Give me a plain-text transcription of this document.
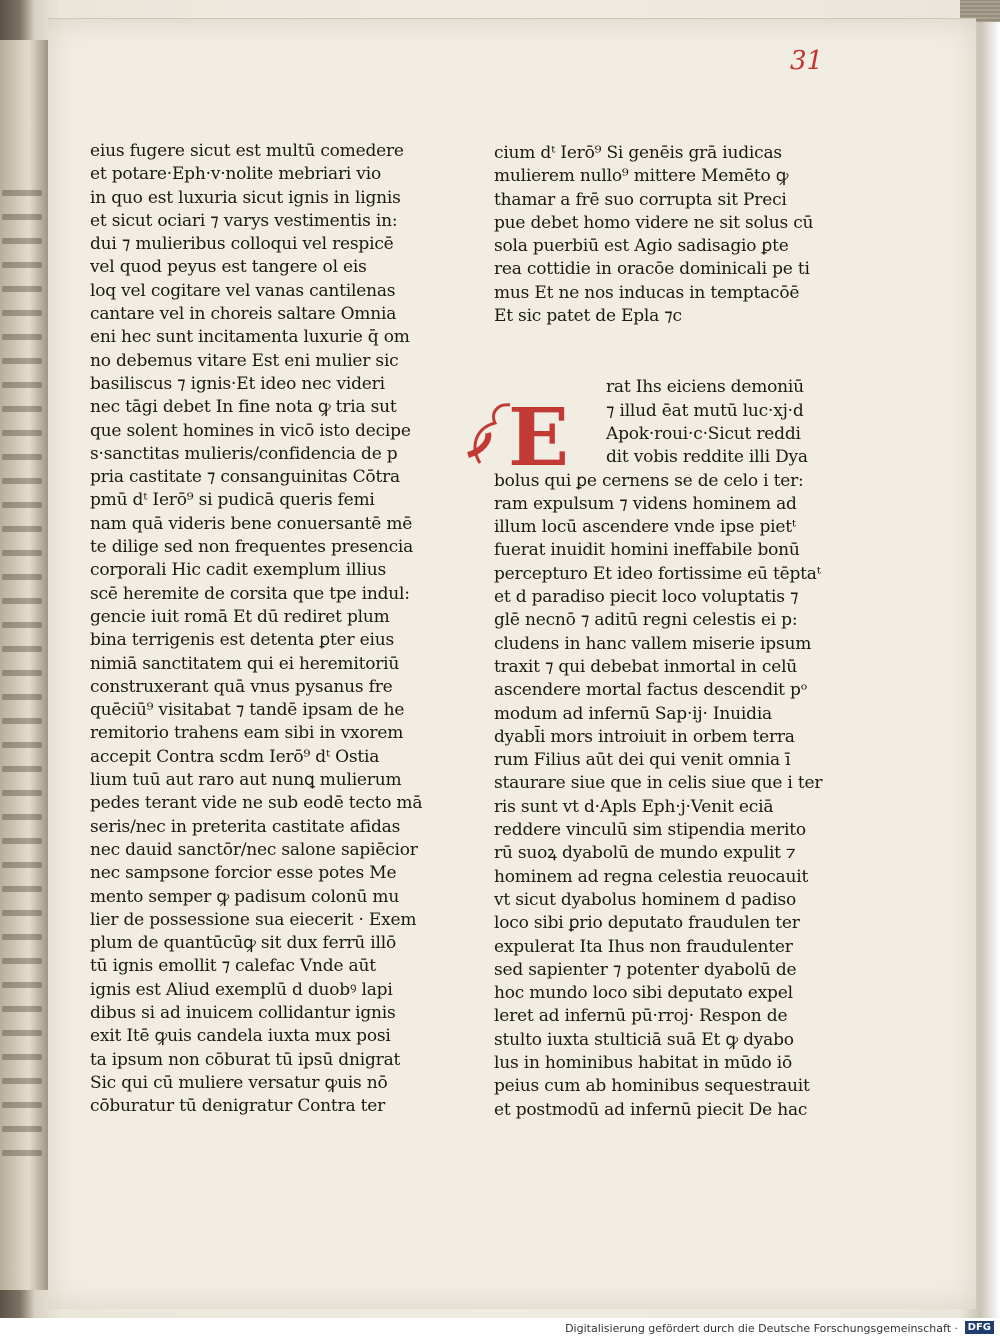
31
eius fugere sicut est multū comedere
et potare·Eph·v·nolite mebriari vio
in quo est luxuria sicut ignis in lignis
et sicut ociari ⁊ varys vestimentis in:
dui ⁊ mulieribus colloqui vel respicē
vel quod peyus est tangere ol eis
loq vel cogitare vel vanas cantilenas
cantare vel in choreis saltare Omnia
eni hec sunt incitamenta luxurie q̄ om
no debemus vitare Est eni mulier sic
basiliscus ⁊ ignis·Et ideo nec videri
nec tāgi debet In fine nota ꝙ tria sut
que solent homines in vicō isto decipe
s·sanctitas mulieris/confidencia de p
pria castitate ⁊ consanguinitas Cōtra
pmū dᵗ Ierō⁹ si pudicā queris femi
nam quā videris bene conuersantē mē
te dilige sed non frequentes presencia
corporali Hic cadit exemplum illius
scē heremite de corsita que tpe indul:
gencie iuit romā Et dū rediret plum
bina terrigenis est detenta ꝑter eius
nimiā sanctitatem qui ei heremitoriū
construxerant quā vnus pysanus fre
quēciū⁹ visitabat ⁊ tandē ipsam de he
remitorio trahens eam sibi in vxorem
accepit Contra scdm Ierō⁹ dᵗ Ostia
lium tuū aut raro aut nunꝗ mulierum
pedes terant vide ne sub eodē tecto mā
seris/nec in preterita castitate afidas
nec dauid sanctōr/nec salone sapiēcior
nec sampsone forcior esse potes Me
mento semper ꝙ padisum colonū mu
lier de possessione sua eiecerit · Exem
plum de quantūcūꝙ sit dux ferrū illō
tū ignis emollit ⁊ calefac Vnde aūt
ignis est Aliud exemplū d duobꝰ lapi
dibus si ad inuicem collidantur ignis
exit Itē ꝙuis candela iuxta mux posi
ta ipsum non cōburat tū ipsū dnigrat
Sic qui cū muliere versatur ꝙuis nō
cōburatur tū denigratur Contra ter
cium dᵗ Ierō⁹ Si genēis grā iudicas
mulierem nullo⁹ mittere Memēto ꝙ
thamar a frē suo corrupta sit Preci
pue debet homo videre ne sit solus cū
sola puerbiū est Agio sadisagio ꝑte
rea cottidie in oracōe dominicali pe ti
mus Et ne nos inducas in temptacōē
Et sic patet de Epla ⁊c
rat Ihs eiciens demoniū
⁊ illud ēat mutū luc·xj·d
Apok·roui·c·Sicut reddi
dit vobis reddite illi Dya
bolus qui ꝑe cernens se de celo i ter:
ram expulsum ⁊ videns hominem ad
illum locū ascendere vnde ipse pietᵗ
fuerat inuidit homini ineffabile bonū
percepturo Et ideo fortissime eū tēptaᵗ
et d paradiso piecit loco voluptatis ⁊
glē necnō ⁊ aditū regni celestis ei p:
cludens in hanc vallem miserie ipsum
traxit ⁊ qui debebat inmortal in celū
ascendere mortal factus descendit pᵒ
modum ad infernū Sap·ij· Inuidia
dyabl̄i mors introiuit in orbem terra
rum Filius aūt dei qui venit omnia ī
staurare siue que in celis siue que i ter
ris sunt vt d·Apls Eph·j·Venit eciā
reddere vinculū sim stipendia merito
rū suoꝝ dyabolū de mundo expulit ⁊
hominem ad regna celestia reuocauit
vt sicut dyabolus hominem d padiso
loco sibi ꝑrio deputato fraudulen ter
expulerat Ita Ihus non fraudulenter
sed sapienter ⁊ potenter dyabolū de
hoc mundo loco sibi deputato expel
leret ad infernū pū·rroj· Respon de
stulto iuxta stulticiā suā Et ꝙ dyabo
lus in hominibus habitat in mūdo iō
peius cum ab hominibus sequestrauit
et postmodū ad infernū piecit De hac
E
Digitalisierung gefördert durch die Deutsche Forschungsgemeinschaft · DFG
